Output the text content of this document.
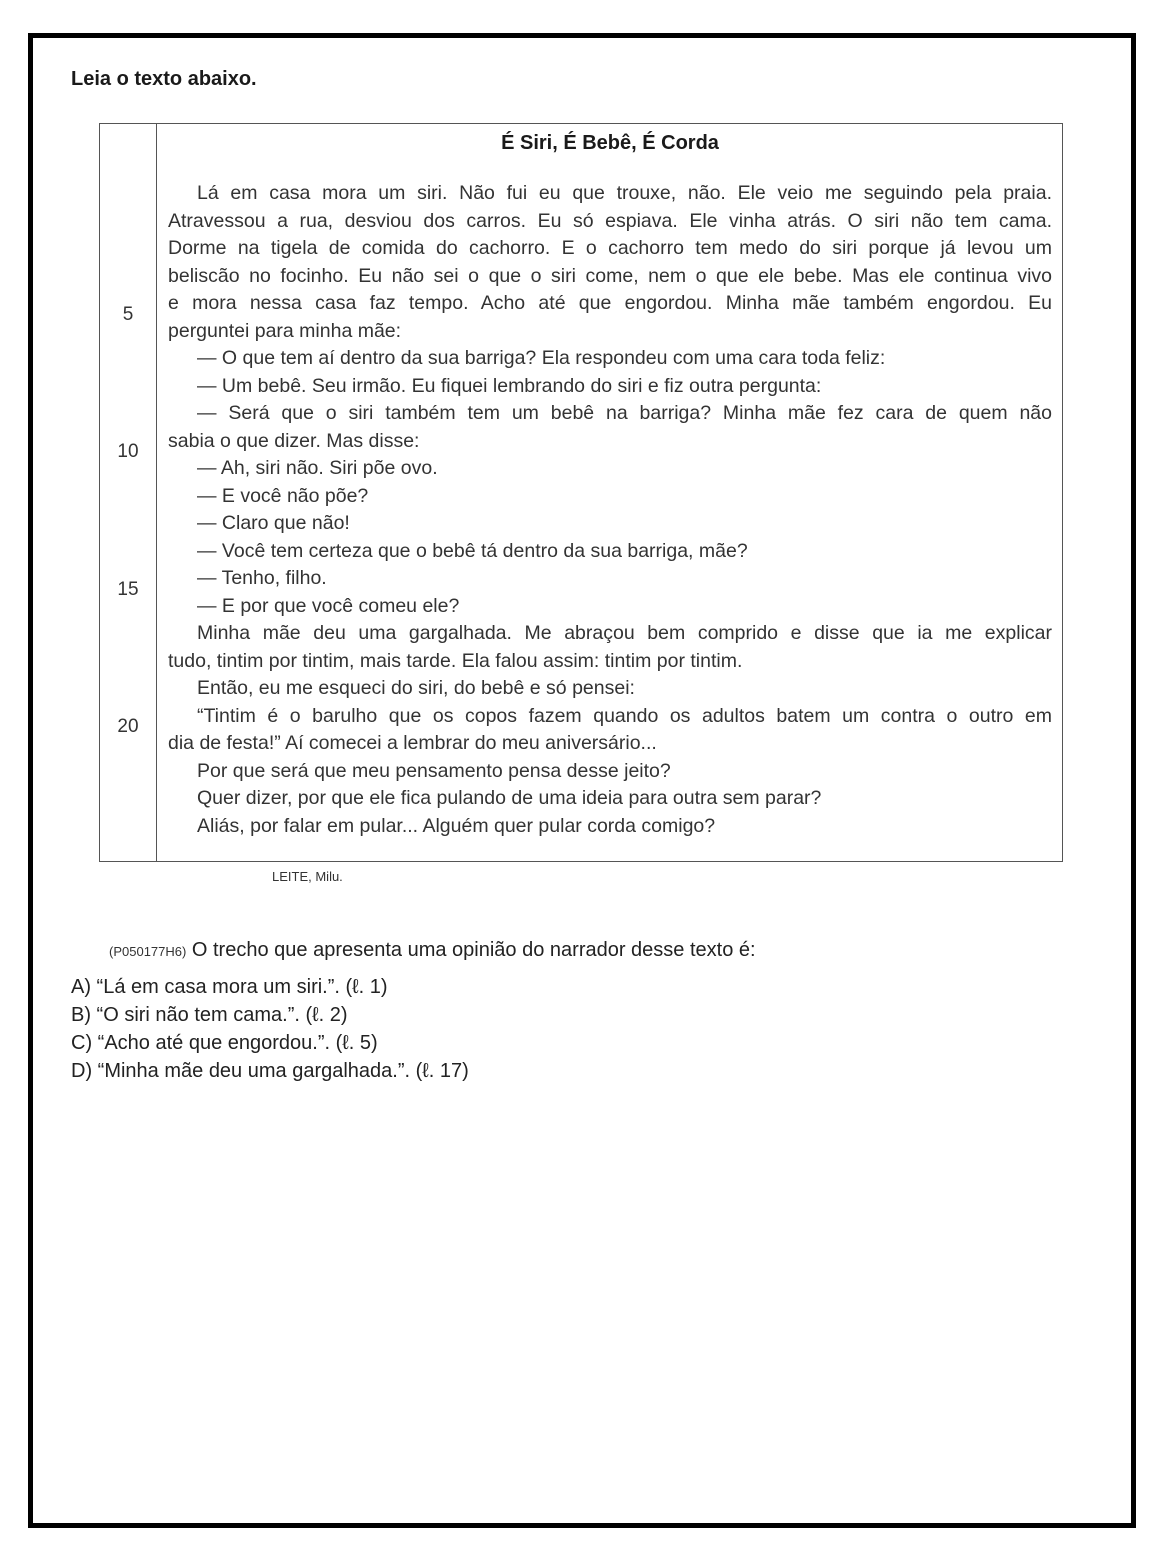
Leia o texto abaixo.
5
10
15
20
É Siri, É Bebê, É Corda
Lá em casa mora um siri. Não fui eu que trouxe, não. Ele veio me seguindo pela praia.
Atravessou a rua, desviou dos carros. Eu só espiava. Ele vinha atrás. O siri não tem cama.
Dorme na tigela de comida do cachorro. E o cachorro tem medo do siri porque já levou um
beliscão no focinho. Eu não sei o que o siri come, nem o que ele bebe. Mas ele continua vivo
e mora nessa casa faz tempo. Acho até que engordou. Minha mãe também engordou. Eu
perguntei para minha mãe:
— O que tem aí dentro da sua barriga? Ela respondeu com uma cara toda feliz:
— Um bebê. Seu irmão. Eu fiquei lembrando do siri e fiz outra pergunta:
— Será que o siri também tem um bebê na barriga? Minha mãe fez cara de quem não
sabia o que dizer. Mas disse:
— Ah, siri não. Siri põe ovo.
— E você não põe?
— Claro que não!
— Você tem certeza que o bebê tá dentro da sua barriga, mãe?
— Tenho, filho.
— E por que você comeu ele?
Minha mãe deu uma gargalhada. Me abraçou bem comprido e disse que ia me explicar
tudo, tintim por tintim, mais tarde. Ela falou assim: tintim por tintim.
Então, eu me esqueci do siri, do bebê e só pensei:
“Tintim é o barulho que os copos fazem quando os adultos batem um contra o outro em
dia de festa!” Aí comecei a lembrar do meu aniversário...
Por que será que meu pensamento pensa desse jeito?
Quer dizer, por que ele fica pulando de uma ideia para outra sem parar?
Aliás, por falar em pular... Alguém quer pular corda comigo?
LEITE, Milu.
(P050177H6) O trecho que apresenta uma opinião do narrador desse texto é:
A) “Lá em casa mora um siri.”. (ℓ. 1)
B) “O siri não tem cama.”. (ℓ. 2)
C) “Acho até que engordou.”. (ℓ. 5)
D) “Minha mãe deu uma gargalhada.”. (ℓ. 17)
